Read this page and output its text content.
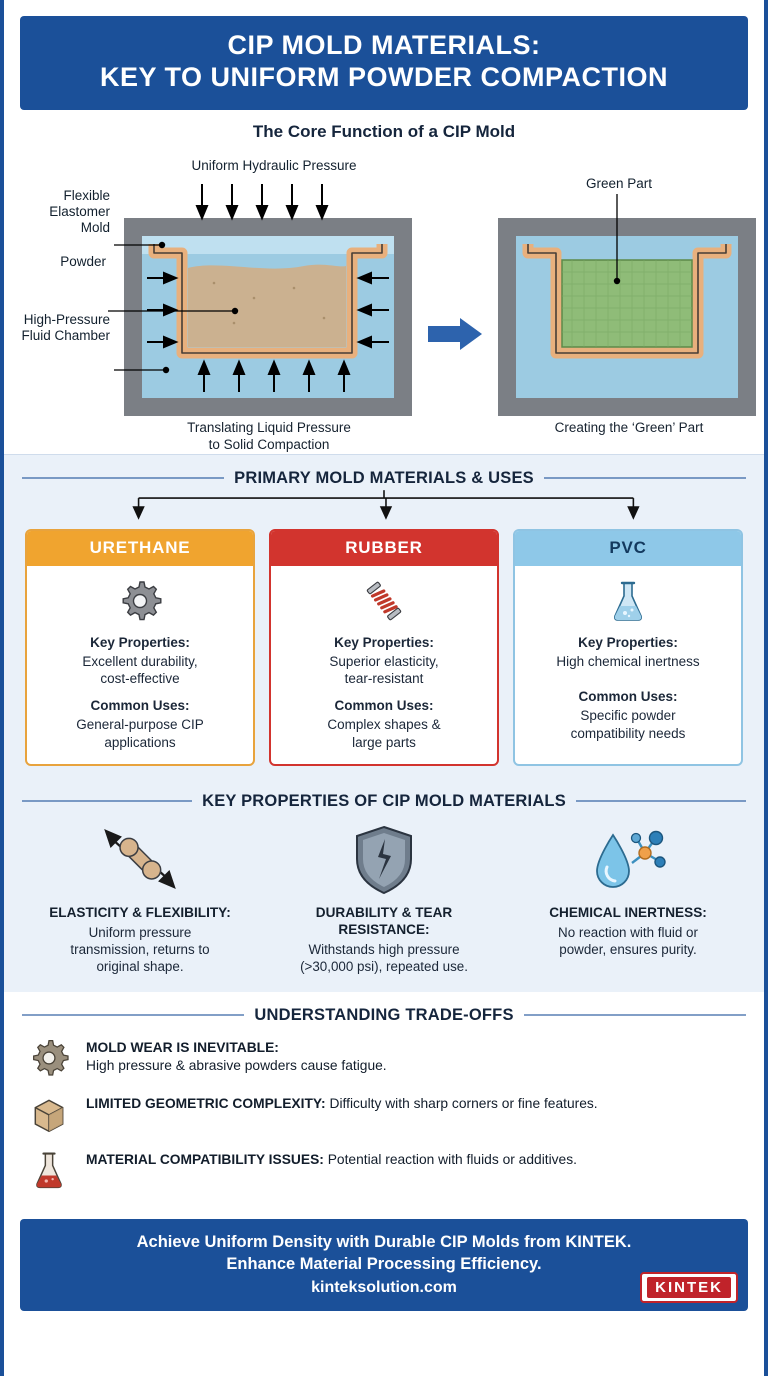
CIP MOLD MATERIALS:
KEY TO UNIFORM POWDER COMPACTION
The Core Function of a CIP Mold
Uniform Hydraulic Pressure
Flexible
Elastomer
Mold
Powder
High-Pressure
Fluid Chamber
Green Part
Translating Liquid Pressure
to Solid Compaction
Creating the ‘Green’ Part
PRIMARY MOLD MATERIALS & USES
URETHANE
Key Properties:
Excellent durability,
cost-effective
Common Uses:
General-purpose CIP
applications
RUBBER
Key Properties:
Superior elasticity,
tear-resistant
Common Uses:
Complex shapes &
large parts
PVC
Key Properties:
High chemical inertness
Common Uses:
Specific powder
compatibility needs
KEY PROPERTIES OF CIP MOLD MATERIALS
ELASTICITY & FLEXIBILITY:
Uniform pressure
transmission, returns to
original shape.
DURABILITY & TEAR
RESISTANCE:
Withstands high pressure
(>30,000 psi), repeated use.
CHEMICAL INERTNESS:
No reaction with fluid or
powder, ensures purity.
UNDERSTANDING TRADE-OFFS
MOLD WEAR IS INEVITABLE:
High pressure & abrasive powders cause fatigue.
LIMITED GEOMETRIC COMPLEXITY: Difficulty with sharp corners or fine features.
MATERIAL COMPATIBILITY ISSUES: Potential reaction with fluids or additives.
Achieve Uniform Density with Durable CIP Molds from KINTEK.
Enhance Material Processing Efficiency.
kinteksolution.com	KINTEK
